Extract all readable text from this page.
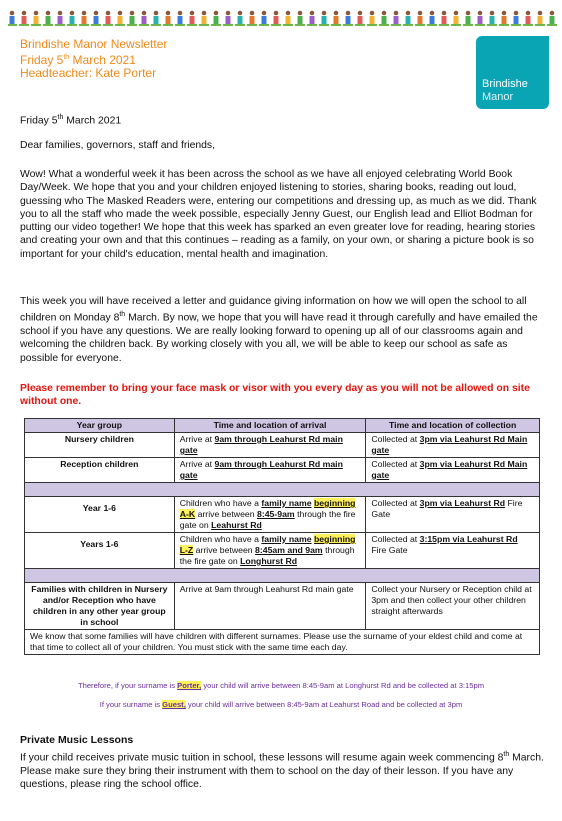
Brindishe Manor Newsletter
Friday 5th March 2021
Headteacher: Kate Porter
Brindishe
Manor
Friday 5th March 2021
Dear families, governors, staff and friends,
Wow! What a wonderful week it has been across the school as we have all enjoyed celebrating World Book Day/Week. We hope that you and your children enjoyed listening to stories, sharing books, reading out loud, guessing who The Masked Readers were, entering our competitions and dressing up, as much as we did. Thank you to all the staff who made the week possible, especially Jenny Guest, our English lead and Elliot Bodman for putting our video together! We hope that this week has sparked an even greater love for reading, hearing stories and creating your own and that this continues – reading as a family, on your own, or sharing a picture book is so important for your child's education, mental health and imagination.
This week you will have received a letter and guidance giving information on how we will open the school to all children on Monday 8th March. By now, we hope that you will have read it through carefully and have emailed the school if you have any questions. We are really looking forward to opening up all of our classrooms again and welcoming the children back. By working closely with you all, we will be able to keep our school as safe as possible for everyone.
Please remember to bring your face mask or visor with you every day as you will not be allowed on site without one.
Year group	Time and location of arrival	Time and location of collection
Nursery children	Arrive at 9am through Leahurst Rd main gate	Collected at 3pm via Leahurst Rd Main gate
Reception children	Arrive at 9am through Leahurst Rd main gate	Collected at 3pm via Leahurst Rd Main gate

Year 1-6	Children who have a family name beginning A-K arrive between 8:45-9am through the fire gate on Leahurst Rd	Collected at 3pm via Leahurst Rd Fire Gate
Years 1-6	Children who have a family name beginning L-Z arrive between 8:45am and 9am through the fire gate on Longhurst Rd	Collected at 3:15pm via Leahurst Rd Fire Gate

Families with children in Nursery and/or Reception who have children in any other year group in school	Arrive at 9am through Leahurst Rd main gate	Collect your Nursery or Reception child at 3pm and then collect your other children straight afterwards
We know that some families will have children with different surnames. Please use the surname of your eldest child and come at that time to collect all of your children. You must stick with the same time each day.		
Therefore, if your surname is Porter, your child will arrive between 8:45-9am at Longhurst Rd and be collected at 3:15pm
If your surname is Guest, your child will arrive between 8:45-9am at Leahurst Road and be collected at 3pm
Private Music Lessons
If your child receives private music tuition in school, these lessons will resume again week commencing 8th March. Please make sure they bring their instrument with them to school on the day of their lesson. If you have any questions, please ring the school office.
